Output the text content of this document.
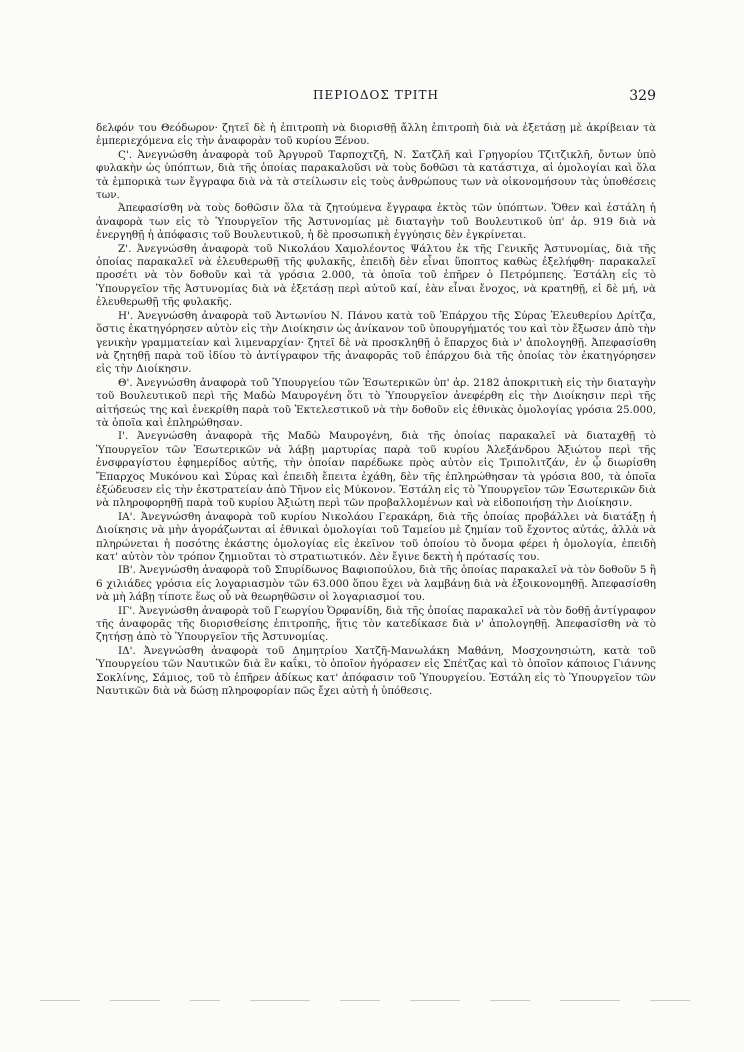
ΠΕΡΙΟΔΟΣ ΤΡΙΤΗ	329

δελφόν του Θεόδωρον· ζητεῖ δὲ ἡ ἐπιτροπὴ νὰ διορισθῇ ἄλλη ἐπιτροπὴ διὰ νὰ ἐξετάσῃ μὲ ἀκρίβειαν τὰ ἐμπεριεχόμενα εἰς τὴν ἀναφορὰν τοῦ κυρίου Ξένου.

Ϛ'. Ἀνεγνώσθη ἀναφορὰ τοῦ Ἀργυροῦ Ταρποχτζῆ, Ν. Σατζλῆ καὶ Γρηγορίου Τζιτζικλῆ, ὄντων ὑπὸ φυλακὴν ὡς ὑπόπτων, διὰ τῆς ὁποίας παρακαλοῦσι νὰ τοὺς δοθῶσι τὰ κατάστιχα, αἱ ὁμολογίαι καὶ ὅλα τὰ ἐμπορικὰ των ἔγγραφα διὰ νὰ τὰ στείλωσιν εἰς τοὺς ἀνθρώπους των νὰ οἰκονομήσουν τὰς ὑποθέσεις των.

Ἀπεφασίσθη νὰ τοὺς δοθῶσιν ὅλα τὰ ζητούμενα ἔγγραφα ἐκτὸς τῶν ὑπόπτων. Ὅθεν καὶ ἐστάλη ἡ ἀναφορὰ των εἰς τὸ Ὑπουργεῖον τῆς Ἀστυνομίας μὲ διαταγὴν τοῦ Βουλευτικοῦ ὑπ' ἀρ. 919 διὰ νὰ ἐνεργηθῇ ἡ ἀπόφασις τοῦ Βουλευτικοῦ, ἡ δὲ προσωπικὴ ἐγγύησις δὲν ἐγκρίνεται.

Ζ'. Ἀνεγνώσθη ἀναφορὰ τοῦ Νικολάου Χαμολέοντος Ψάλτου ἐκ τῆς Γενικῆς Ἀστυνομίας, διὰ τῆς ὁποίας παρακαλεῖ νὰ ἐλευθερωθῇ τῆς φυλακῆς, ἐπειδὴ δὲν εἶναι ὕποπτος καθὼς ἐξελήφθη· παρακαλεῖ προσέτι νὰ τὸν δοθοῦν καὶ τὰ γρόσια 2.000, τὰ ὁποῖα τοῦ ἐπῆρεν ὁ Πετρόμπεης. Ἐστάλη εἰς τὸ Ὑπουργεῖον τῆς Ἀστυνομίας διὰ νὰ ἐξετάσῃ περὶ αὐτοῦ καί, ἐὰν εἶναι ἔνοχος, νὰ κρατηθῇ, εἰ δὲ μή, νὰ ἐλευθερωθῇ τῆς φυλακῆς.

Η'. Ἀνεγνώσθη ἀναφορὰ τοῦ Ἀντωνίου Ν. Πάνου κατὰ τοῦ Ἐπάρχου τῆς Σύρας Ἐλευθερίου Δρίτζα, ὅστις ἐκατηγόρησεν αὐτὸν εἰς τὴν Διοίκησιν ὡς ἀνίκανον τοῦ ὑπουργήματός του καὶ τὸν ἔξωσεν ἀπὸ τὴν γενικὴν γραμματείαν καὶ λιμεναρχίαν· ζητεῖ δὲ νὰ προσκληθῇ ὁ ἔπαρχος διὰ ν' ἀπολογηθῇ. Ἀπεφασίσθη νὰ ζητηθῇ παρὰ τοῦ ἰδίου τὸ ἀντίγραφον τῆς ἀναφορᾶς τοῦ ἐπάρχου διὰ τῆς ὁποίας τὸν ἐκατηγόρησεν εἰς τὴν Διοίκησιν.

Θ'. Ἀνεγνώσθη ἀναφορὰ τοῦ Ὑπουργείου τῶν Ἐσωτερικῶν ὑπ' ἀρ. 2182 ἀποκριτικὴ εἰς τὴν διαταγὴν τοῦ Βουλευτικοῦ περὶ τῆς Μαδὼ Μαυρογένη ὅτι τὸ Ὑπουργεῖον ἀνεφέρθη εἰς τὴν Διοίκησιν περὶ τῆς αἰτήσεώς της καὶ ἐνεκρίθη παρὰ τοῦ Ἐκτελεστικοῦ νὰ τὴν δοθοῦν εἰς ἐθνικὰς ὁμολογίας γρόσια 25.000, τὰ ὁποῖα καὶ ἐπληρώθησαν.

Ι'. Ἀνεγνώσθη ἀναφορὰ τῆς Μαδὼ Μαυρογένη, διὰ τῆς ὁποίας παρακαλεῖ νὰ διαταχθῇ τὸ Ὑπουργεῖον τῶν Ἐσωτερικῶν νὰ λάβῃ μαρτυρίας παρὰ τοῦ κυρίου Ἀλεξάνδρου Ἀξιώτου περὶ τῆς ἐνσφραγίστου ἐφημερίδος αὐτῆς, τὴν ὁποίαν παρέδωκε πρὸς αὐτὸν εἰς Τριπολιτζάν, ἐν ᾧ διωρίσθη Ἔπαρχος Μυκόνου καὶ Σύρας καὶ ἐπειδὴ ἔπειτα ἐχάθη, δὲν τῆς ἐπληρώθησαν τὰ γρόσια 800, τὰ ὁποῖα ἐξώδευσεν εἰς τὴν ἐκστρατείαν ἀπὸ Τῆνον εἰς Μύκονον. Ἐστάλη εἰς τὸ Ὑπουργεῖον τῶν Ἐσωτερικῶν διὰ νὰ πληροφορηθῇ παρὰ τοῦ κυρίου Ἀξιώτη περὶ τῶν προβαλλομένων καὶ νὰ εἰδοποιήσῃ τὴν Διοίκησιν.

ΙΑ'. Ἀνεγνώσθη ἀναφορὰ τοῦ κυρίου Νικολάου Γερακάρη, διὰ τῆς ὁποίας προβάλλει νὰ διατάξῃ ἡ Διοίκησις νὰ μὴν ἀγοράζωνται αἱ ἐθνικαὶ ὁμολογίαι τοῦ Ταμείου μὲ ζημίαν τοῦ ἔχοντος αὐτάς, ἀλλὰ νὰ πληρώνεται ἡ ποσότης ἑκάστης ὁμολογίας εἰς ἐκεῖνον τοῦ ὁποίου τὸ ὄνομα φέρει ἡ ὁμολογία, ἐπειδὴ κατ' αὐτὸν τὸν τρόπον ζημιοῦται τὸ στρατιωτικόν. Δὲν ἔγινε δεκτὴ ἡ πρότασίς του.

ΙΒ'. Ἀνεγνώσθη ἀναφορὰ τοῦ Σπυρίδωνος Βαφιοπούλου, διὰ τῆς ὁποίας παρακαλεῖ νὰ τὸν δοθοῦν 5 ἢ 6 χιλιάδες γρόσια εἰς λογαριασμὸν τῶν 63.000 ὅπου ἔχει νὰ λαμβάνῃ διὰ νὰ ἐξοικονομηθῇ. Ἀπεφασίσθη νὰ μὴ λάβῃ τίποτε ἕως οὗ νὰ θεωρηθῶσιν οἱ λογαριασμοί του.

ΙΓ'. Ἀνεγνώσθη ἀναφορὰ τοῦ Γεωργίου Ὀρφανίδη, διὰ τῆς ὁποίας παρακαλεῖ νὰ τὸν δοθῇ ἀντίγραφον τῆς ἀναφορᾶς τῆς διορισθείσης ἐπιτροπῆς, ἥτις τὸν κατεδίκασε διὰ ν' ἀπολογηθῇ. Ἀπεφασίσθη νὰ τὸ ζητήσῃ ἀπὸ τὸ Ὑπουργεῖον τῆς Ἀστυνομίας.

ΙΔ'. Ἀνεγνώσθη ἀναφορὰ τοῦ Δημητρίου Χατζῆ-Μανωλάκη Μαθάνη, Μοσχονησιώτη, κατὰ τοῦ Ὑπουργείου τῶν Ναυτικῶν διὰ ἓν καΐκι, τὸ ὁποῖον ἠγόρασεν εἰς Σπέτζας καὶ τὸ ὁποῖον κάποιος Γιάννης Σοκλίνης, Σάμιος, τοῦ τὸ ἐπῆρεν ἀδίκως κατ' ἀπόφασιν τοῦ Ὑπουργείου. Ἐστάλη εἰς τὸ Ὑπουργεῖον τῶν Ναυτικῶν διὰ νὰ δώσῃ πληροφορίαν πῶς ἔχει αὐτὴ ἡ ὑπόθεσις.
